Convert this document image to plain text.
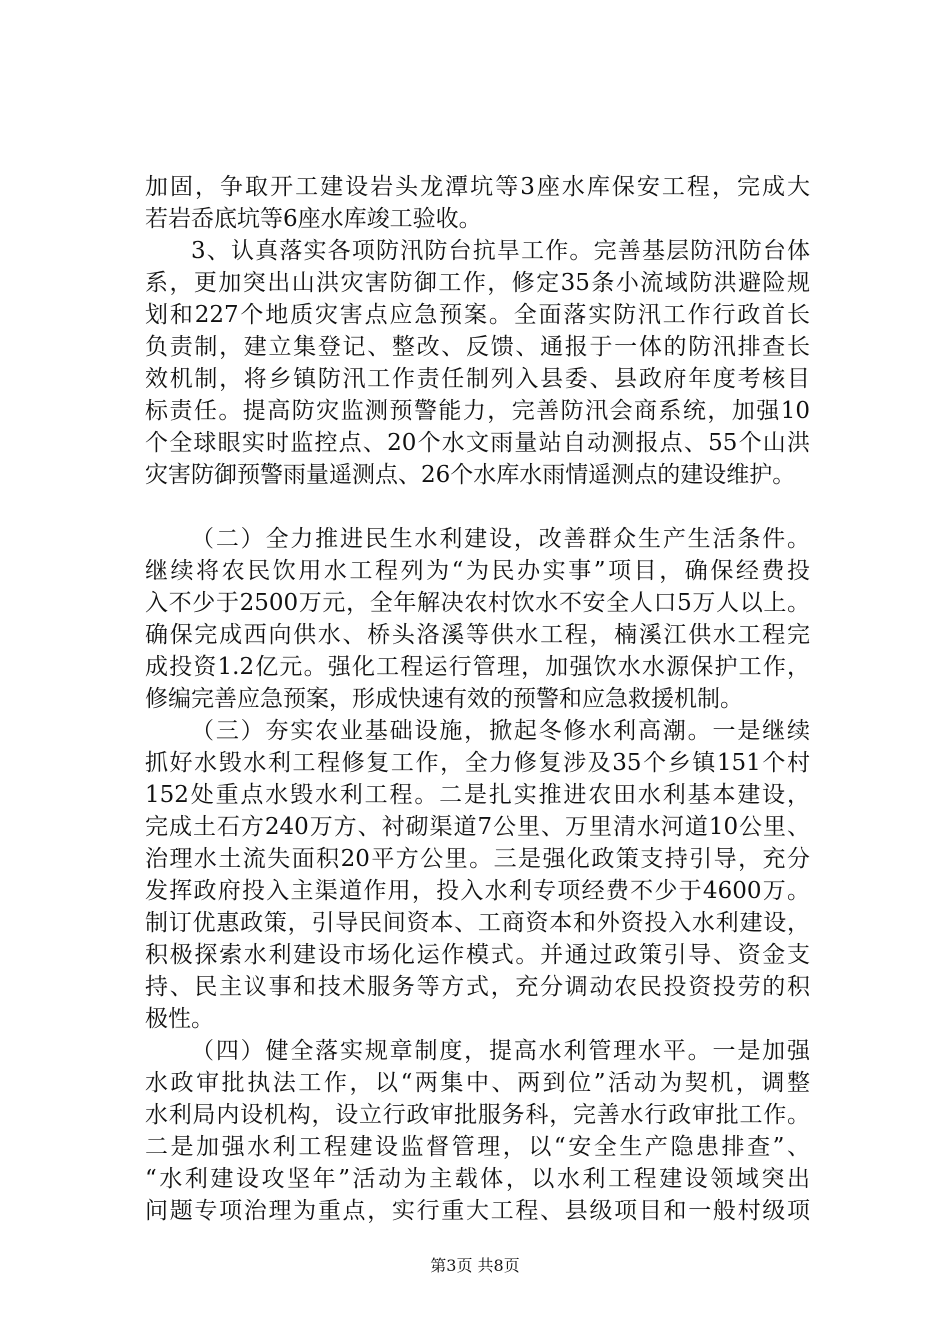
加固，争取开工建设岩头龙潭坑等3座水库保安工程，完成大
若岩岙底坑等6座水库竣工验收。
3、认真落实各项防汛防台抗旱工作。完善基层防汛防台体
系，更加突出山洪灾害防御工作，修定35条小流域防洪避险规
划和227个地质灾害点应急预案。全面落实防汛工作行政首长
负责制，建立集登记、整改、反馈、通报于一体的防汛排查长
效机制，将乡镇防汛工作责任制列入县委、县政府年度考核目
标责任。提高防灾监测预警能力，完善防汛会商系统，加强10
个全球眼实时监控点、20个水文雨量站自动测报点、55个山洪
灾害防御预警雨量遥测点、26个水库水雨情遥测点的建设维护。
（二）全力推进民生水利建设，改善群众生产生活条件。
继续将农民饮用水工程列为“为民办实事”项目，确保经费投
入不少于2500万元，全年解决农村饮水不安全人口5万人以上。
确保完成西向供水、桥头洛溪等供水工程，楠溪江供水工程完
成投资1.2亿元。强化工程运行管理，加强饮水水源保护工作，
修编完善应急预案，形成快速有效的预警和应急救援机制。
（三）夯实农业基础设施，掀起冬修水利高潮。一是继续
抓好水毁水利工程修复工作，全力修复涉及35个乡镇151个村
152处重点水毁水利工程。二是扎实推进农田水利基本建设，
完成土石方240万方、衬砌渠道7公里、万里清水河道10公里、
治理水土流失面积20平方公里。三是强化政策支持引导，充分
发挥政府投入主渠道作用，投入水利专项经费不少于4600万。
制订优惠政策，引导民间资本、工商资本和外资投入水利建设，
积极探索水利建设市场化运作模式。并通过政策引导、资金支
持、民主议事和技术服务等方式，充分调动农民投资投劳的积
极性。
（四）健全落实规章制度，提高水利管理水平。一是加强
水政审批执法工作，以“两集中、两到位”活动为契机，调整
水利局内设机构，设立行政审批服务科，完善水行政审批工作。
二是加强水利工程建设监督管理，以“安全生产隐患排查”、
“水利建设攻坚年”活动为主载体，以水利工程建设领域突出
问题专项治理为重点，实行重大工程、县级项目和一般村级项
第3页 共8页
